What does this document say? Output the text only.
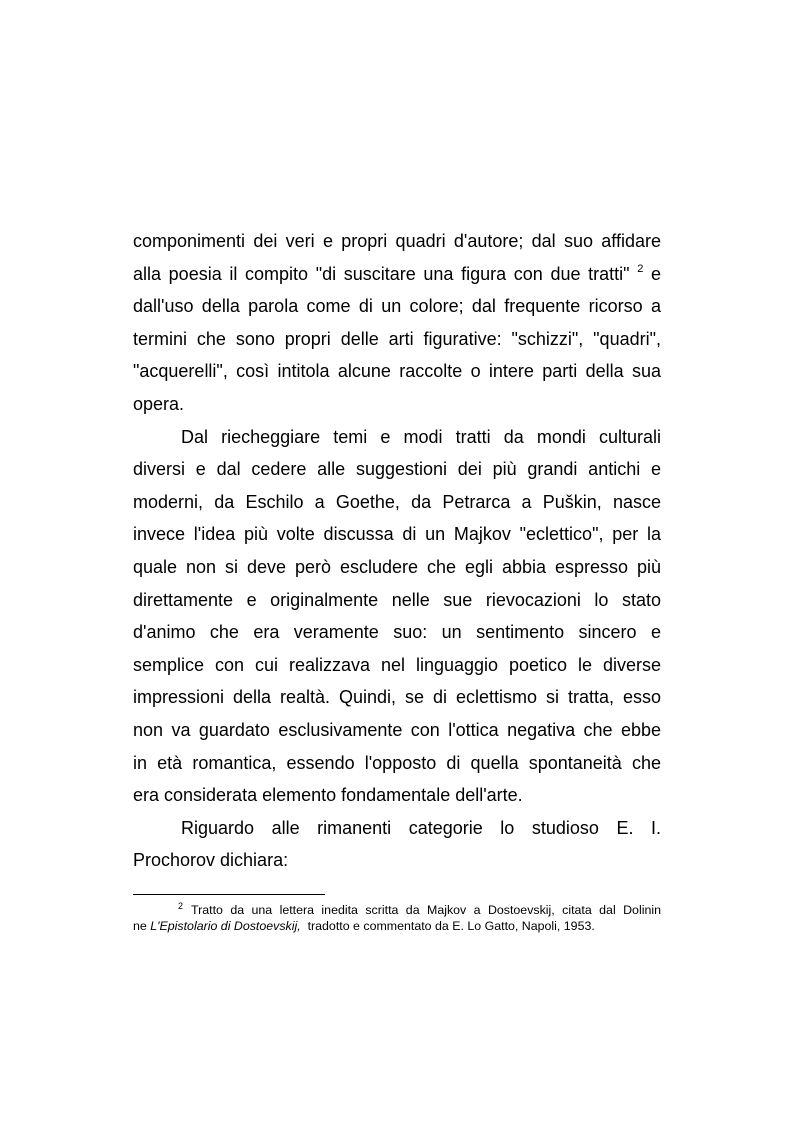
componimenti dei veri e propri quadri d'autore; dal suo affidare
alla poesia il compito "di suscitare una figura con due tratti" $^2$ e
dall'uso della parola come di un colore; dal frequente ricorso a
termini che sono propri delle arti figurative: "schizzi", "quadri",
"acquerelli", così intitola alcune raccolte o intere parti della sua
opera.
Dal riecheggiare temi e modi tratti da mondi culturali
diversi e dal cedere alle suggestioni dei più grandi antichi e
moderni, da Eschilo a Goethe, da Petrarca a Puškin, nasce
invece l'idea più volte discussa di un Majkov "eclettico", per la
quale non si deve però escludere che egli abbia espresso più
direttamente e originalmente nelle sue rievocazioni lo stato
d'animo che era veramente suo: un sentimento sincero e
semplice con cui realizzava nel linguaggio poetico le diverse
impressioni della realtà. Quindi, se di eclettismo si tratta, esso
non va guardato esclusivamente con l'ottica negativa che ebbe
in età romantica, essendo l'opposto di quella spontaneità che
era considerata elemento fondamentale dell'arte.
Riguardo alle rimanenti categorie lo studioso E. I.
Prochorov dichiara:
$^2$ Tratto da una lettera inedita scritta da Majkov a Dostoevskij, citata dal Dolinin
ne L'Epistolario di Dostoevskij, tradotto e commentato da E. Lo Gatto, Napoli, 1953.
